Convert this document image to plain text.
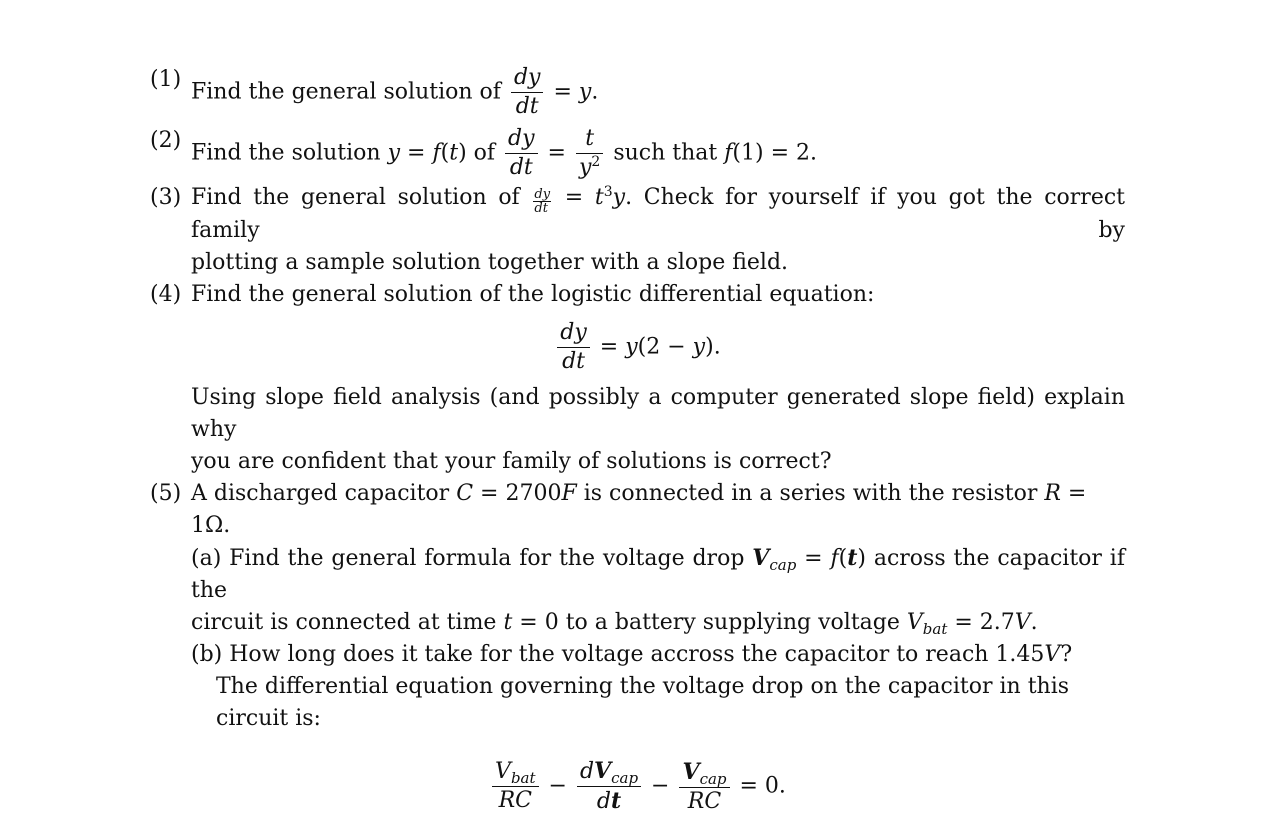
(1) Find the general solution of $\frac{dy}{dt} = y$.
(2) Find the solution y = f(t) of $\frac{dy}{dt} = \frac{t}{y^2}$ such that f(1) = 2.
(3) Find the general solution of $\frac{dy}{dt} = t^3y$. Check for yourself if you got the correct family by
plotting a sample solution together with a slope field.
(4) Find the general solution of the logistic differential equation:
$\frac{dy}{dt} = y(2 - y)$.
Using slope field analysis (and possibly a computer generated slope field) explain why
you are confident that your family of solutions is correct?
(5) A discharged capacitor C = 2700F is connected in a series with the resistor R = 1Ω.
(a) Find the general formula for the voltage drop $V_{cap} = f(t)$ across the capacitor if the
circuit is connected at time t = 0 to a battery supplying voltage $V_{bat} = 2.7V$.
(b) How long does it take for the voltage accross the capacitor to reach 1.45V?
The differential equation governing the voltage drop on the capacitor in this circuit is:
$\frac{V_{bat}}{RC} - \frac{dV_{cap}}{dt} - \frac{V_{cap}}{RC} = 0$.
